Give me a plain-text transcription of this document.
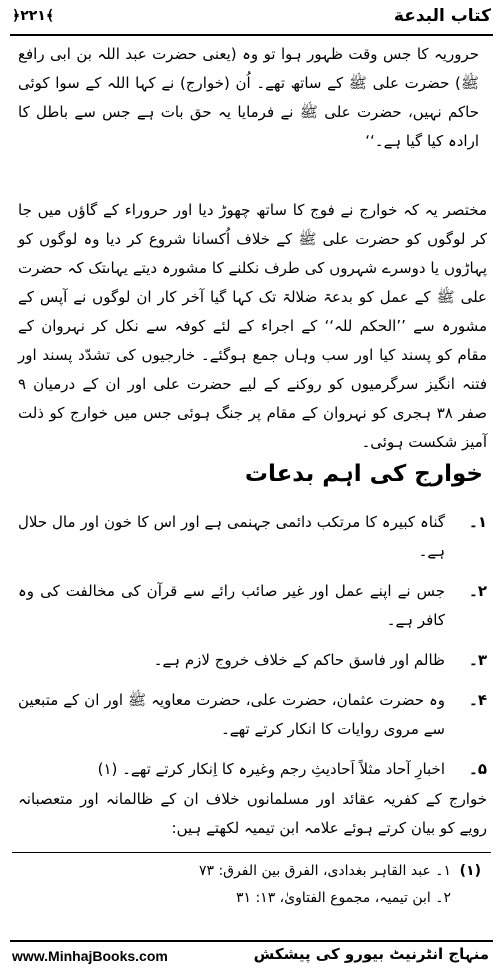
كتاب البدعة
﴿۲۲۱﴾
حروریہ کا جس وقت ظہور ہوا تو وہ (یعنی حضرت عبد اللہ بن ابی رافع ﷺ) حضرت علی ﷺ کے ساتھ تھے۔ اُن (خوارج) نے کہا اللہ کے سوا کوئی حاکم نہیں، حضرت علی ﷺ نے فرمایا یہ حق بات ہے جس سے باطل کا ارادہ کیا گیا ہے۔‘‘
مختصر یہ کہ خوارج نے فوج کا ساتھ چھوڑ دیا اور حروراء کے گاؤں میں جا کر لوگوں کو حضرت علی ﷺ کے خلاف اُکسانا شروع کر دیا وہ لوگوں کو پہاڑوں یا دوسرے شہروں کی طرف نکلنے کا مشورہ دیتے یہاںتک کہ حضرت علی ﷺ کے عمل کو بدعۃ ضلالۃ تک کہا گیا آخر کار ان لوگوں نے آپس کے مشورہ سے ’’الحکم للہ‘‘ کے اجراء کے لئے کوفہ سے نکل کر نہروان کے مقام کو پسند کیا اور سب وہاں جمع ہوگئے۔ خارجیوں کی تشدّد پسند اور فتنہ انگیز سرگرمیوں کو روکنے کے لیے حضرت علی اور ان کے درمیان ۹ صفر ۳۸ ہجری کو نہروان کے مقام پر جنگ ہوئی جس میں خوارج کو ذلت آمیز شکست ہوئی۔
خوارج کی اہم بدعات
۱۔
گناہ کبیرہ کا مرتکب دائمی جہنمی ہے اور اس کا خون اور مال حلال ہے۔
۲۔
جس نے اپنے عمل اور غیر صائب رائے سے قرآن کی مخالفت کی وہ کافر ہے۔
۳۔
ظالم اور فاسق حاکم کے خلاف خروج لازم ہے۔
۴۔
وہ حضرت عثمان، حضرت علی، حضرت معاویہ ﷺ اور ان کے متبعین سے مروی روایات کا انکار کرتے تھے۔
۵۔
اخبارِ آحاد مثلاً اَحادیثِ رجم وغیرہ کا اِنکار کرتے تھے۔ (۱)
خوارج کے کفریہ عقائد اور مسلمانوں خلاف ان کے ظالمانہ اور متعصبانہ رویے کو بیان کرتے ہوئے علامہ ابن تیمیہ لکھتے ہیں:
(۱)
۱۔ عبد القاہر بغدادی، الفرق بین الفرق: ۷۳
۲۔ ابن تیمیہ، مجموع الفتاویٰ، ۱۳: ۳۱
www.MinhajBooks.com	منہاج انٹرنیٹ بیورو کی پیشکش
